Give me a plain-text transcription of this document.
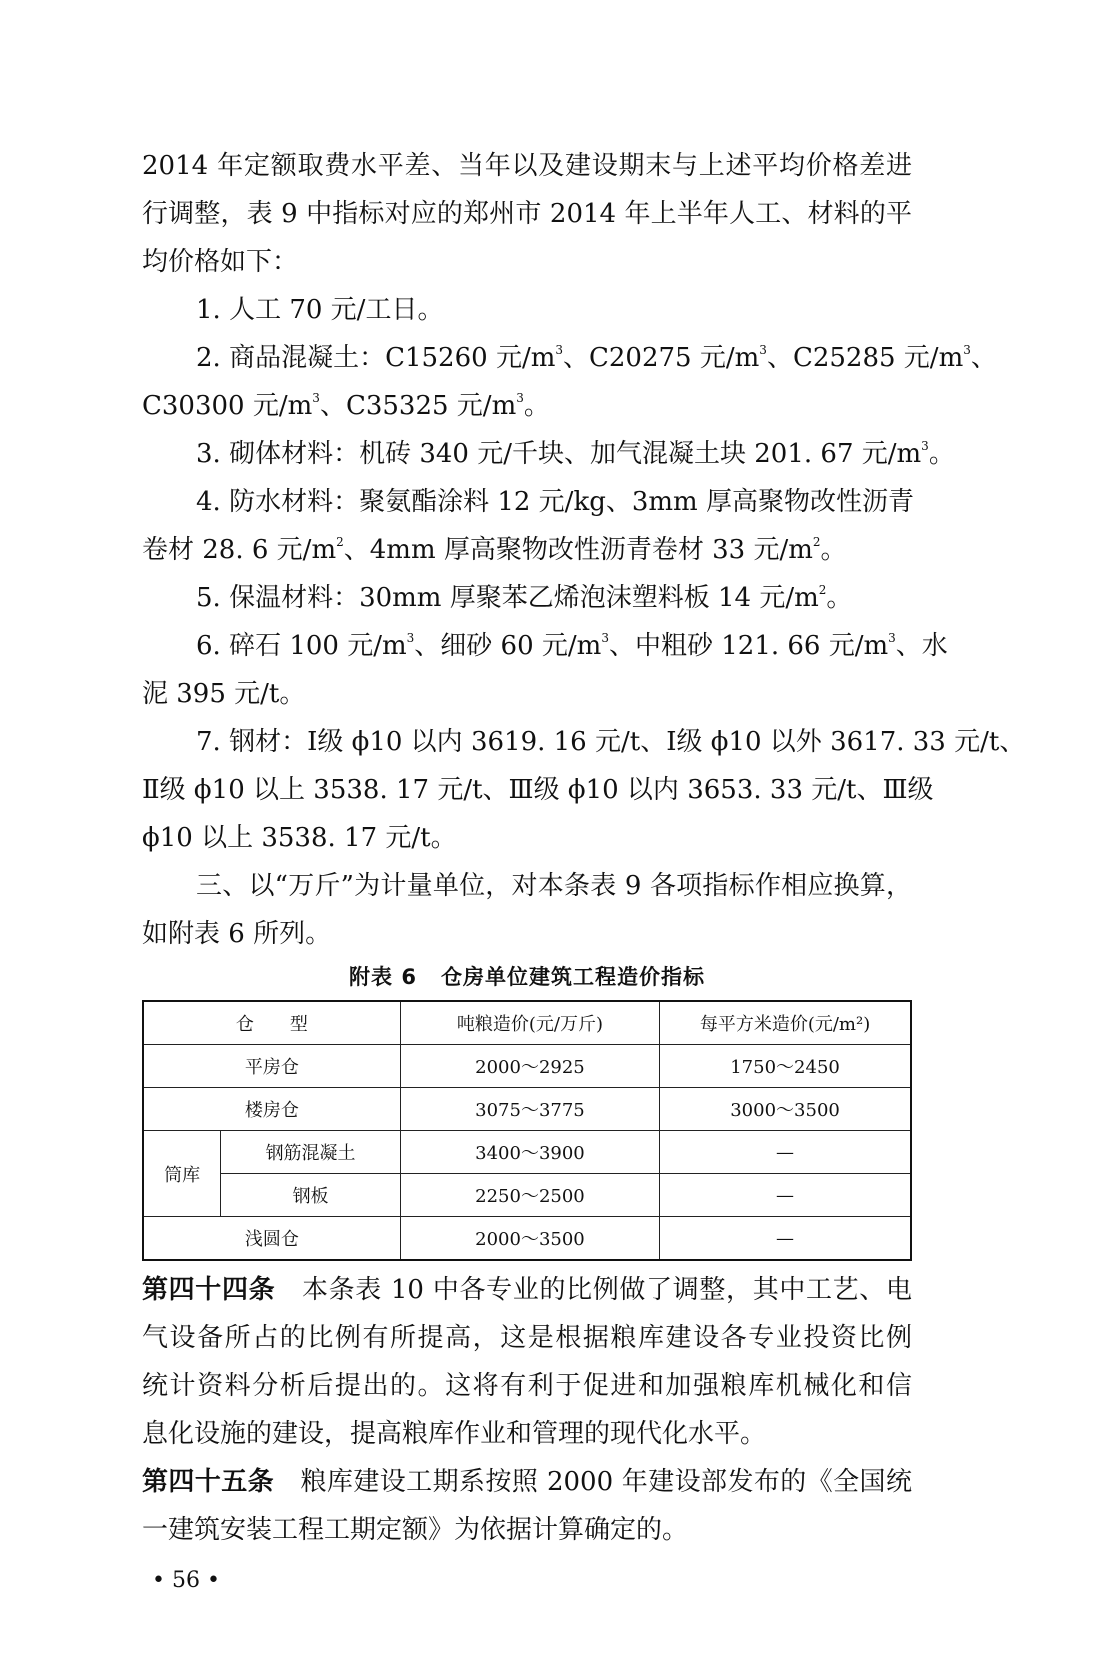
2014 年定额取费水平差、当年以及建设期末与上述平均价格差进
行调整，表 9 中指标对应的郑州市 2014 年上半年人工、材料的平
均价格如下：
1. 人工 70 元/工日。
2. 商品混凝土：C15260 元$/m^3$、C20275 元$/m^3$、C25285 元$/m^3$、
C30300 元$/m^3$、C35325 元$/m^3$。
3. 砌体材料：机砖 340 元/千块、加气混凝土块 201. 67 元$/m^3$。
4. 防水材料：聚氨酯涂料 12 元/kg、3mm 厚高聚物改性沥青
卷材 28. 6 元$/m^2$、4mm 厚高聚物改性沥青卷材 33 元$/m^2$。
5. 保温材料：30mm 厚聚苯乙烯泡沫塑料板 14 元$/m^2$。
6. 碎石 100 元$/m^3$、细砂 60 元$/m^3$、中粗砂 121. 66 元$/m^3$、水
泥 395 元/t。
7. 钢材：Ⅰ级 ϕ10 以内 3619. 16 元/t、Ⅰ级 ϕ10 以外 3617. 33 元/t、
Ⅱ级 ϕ10 以上 3538. 17 元/t、Ⅲ级 ϕ10 以内 3653. 33 元/t、Ⅲ级
ϕ10 以上 3538. 17 元/t。
三、以“万斤”为计量单位，对本条表 9 各项指标作相应换算，
如附表 6 所列。
附表 6 仓房单位建筑工程造价指标
仓　　型		吨粮造价(元/万斤)	每平方米造价(元/m²)
平房仓		2000～2925	1750～2450
楼房仓		3075～3775	3000～3500
筒库	钢筋混凝土	3400～3900	—
	钢板	2250～2500	—
浅圆仓		2000～3500	—
第四十四条　 本条表 10 中各专业的比例做了调整，其中工艺、电
气设备所占的比例有所提高，这是根据粮库建设各专业投资比例
统计资料分析后提出的。这将有利于促进和加强粮库机械化和信
息化设施的建设，提高粮库作业和管理的现代化水平。
第四十五条　 粮库建设工期系按照 2000 年建设部发布的《全国统
一建筑安装工程工期定额》为依据计算确定的。
• 56 •
